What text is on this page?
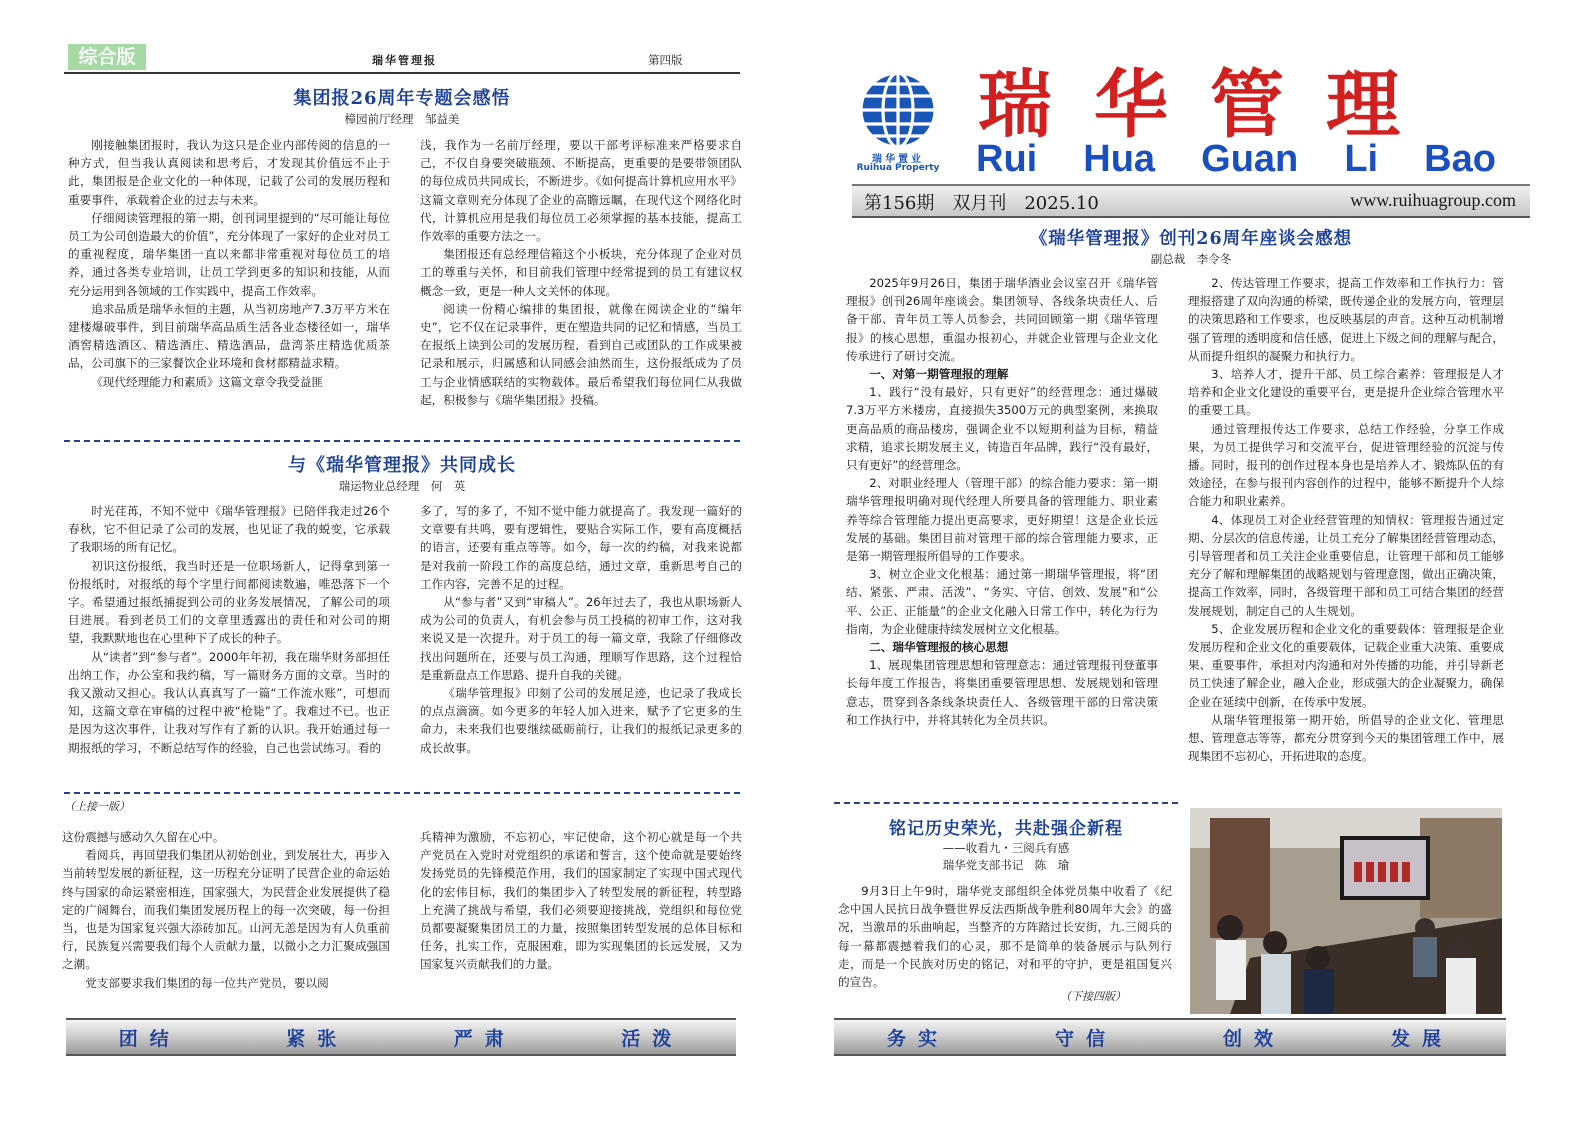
综合版	瑞华管理报	第四版
集团报26周年专题会感悟
樟园前厅经理　邹益美

刚接触集团报时，我认为这只是企业内部传阅的信息的一种方式，但当我认真阅读和思考后，才发现其价值远不止于此，集团报是企业文化的一种体现，记载了公司的发展历程和重要事件，承载着企业的过去与未来。

仔细阅读管理报的第一期，创刊词里提到的“尽可能让每位员工为公司创造最大的价值”，充分体现了一家好的企业对员工的重视程度，瑞华集团一直以来都非常重视对每位员工的培养，通过各类专业培训，让员工学到更多的知识和技能，从而充分运用到各领域的工作实践中，提高工作效率。

追求品质是瑞华永恒的主题，从当初房地产7.3万平方米在建楼爆破事件，到目前瑞华高品质生活各业态楼径如一，瑞华酒窖精选酒区、精选酒庄、精选酒品，盘湾茶庄精选优质茶品，公司旗下的三家餐饮企业环境和食材都精益求精。

《现代经理能力和素质》这篇文章令我受益匪

浅，我作为一名前厅经理，要以干部考评标准来严格要求自己，不仅自身要突破瓶颈、不断提高，更重要的是要带领团队的每位成员共同成长，不断进步。《如何提高计算机应用水平》这篇文章则充分体现了企业的高瞻远瞩，在现代这个网络化时代，计算机应用是我们每位员工必须掌握的基本技能，提高工作效率的重要方法之一。

集团报还有总经理信箱这个小板块，充分体现了企业对员工的尊重与关怀，和目前我们管理中经常提到的员工有建议权概念一致，更是一种人文关怀的体现。

阅读一份精心编排的集团报，就像在阅读企业的“编年史”，它不仅在记录事件，更在塑造共同的记忆和情感，当员工在报纸上读到公司的发展历程，看到自己或团队的工作成果被记录和展示，归属感和认同感会油然而生，这份报纸成为了员工与企业情感联结的实物载体。最后希望我们每位同仁从我做起，积极参与《瑞华集团报》投稿。

与《瑞华管理报》共同成长
瑞运物业总经理　何　英

时光荏苒，不知不觉中《瑞华管理报》已陪伴我走过26个春秋，它不但记录了公司的发展，也见证了我的蜕变，它承载了我职场的所有记忆。

初识这份报纸，我当时还是一位职场新人，记得拿到第一份报纸时，对报纸的每个字里行间都阅读数遍，唯恐落下一个字。希望通过报纸捕捉到公司的业务发展情况，了解公司的项目进展。看到老员工们的文章里透露出的责任和对公司的期望，我默默地也在心里种下了成长的种子。

从“读者”到“参与者”。2000年年初，我在瑞华财务部担任出纳工作，办公室和我约稿，写一篇财务方面的文章。当时的我又激动又担心。我认认真真写了一篇“工作流水账”，可想而知，这篇文章在审稿的过程中被“枪毙”了。我难过不已。也正是因为这次事件，让我对写作有了新的认识。我开始通过每一期报纸的学习，不断总结写作的经验，自己也尝试练习。看的

多了，写的多了，不知不觉中能力就提高了。我发现一篇好的文章要有共鸣，要有逻辑性，要贴合实际工作，要有高度概括的语言，还要有重点等等。如今，每一次的约稿，对我来说都是对我前一阶段工作的高度总结，通过文章，重新思考自己的工作内容，完善不足的过程。

从“参与者”又到“审稿人”。26年过去了，我也从职场新人成为公司的负责人，有机会参与员工投稿的初审工作，这对我来说又是一次提升。对于员工的每一篇文章，我除了仔细修改找出问题所在，还要与员工沟通，理顺写作思路，这个过程恰是重新盘点工作思路、提升自我的关键。

《瑞华管理报》印刻了公司的发展足迹，也记录了我成长的点点滴滴。如今更多的年轻人加入进来，赋予了它更多的生命力，未来我们也要继续砥砺前行，让我们的报纸记录更多的成长故事。

（上接一版）

这份震撼与感动久久留在心中。

看阅兵，再回望我们集团从初始创业，到发展壮大，再步入当前转型发展的新征程，这一历程充分证明了民营企业的命运始终与国家的命运紧密相连，国家强大，为民营企业发展提供了稳定的广阔舞台，而我们集团发展历程上的每一次突破，每一份担当，也是为国家复兴强大添砖加瓦。山河无恙是因为有人负重前行，民族复兴需要我们每个人贡献力量，以微小之力汇聚成强国之潮。

党支部要求我们集团的每一位共产党员，要以阅

兵精神为激励，不忘初心，牢记使命，这个初心就是每一个共产党员在入党时对党组织的承诺和誓言，这个使命就是要始终发扬党员的先锋模范作用，我们的国家制定了实现中国式现代化的宏伟目标，我们的集团步入了转型发展的新征程，转型路上充满了挑战与希望，我们必须要迎接挑战，党组织和每位党员都要凝聚集团员工的力量，按照集团转型发展的总体目标和任务，扎实工作，克服困难，即为实现集团的长远发展，又为国家复兴贡献我们的力量。

团结	紧张	严肃	活泼
瑞华置业
Ruihua Property
瑞华管理
Rui Hua Guan Li Bao
第156期　双月刊　2025.10	www.ruihuagroup.com
《瑞华管理报》创刊26周年座谈会感想
副总裁　李令冬

2025年9月26日，集团于瑞华酒业会议室召开《瑞华管理报》创刊26周年座谈会。集团领导、各线条块责任人、后备干部、青年员工等人员参会，共同回顾第一期《瑞华管理报》的核心思想，重温办报初心，并就企业管理与企业文化传承进行了研讨交流。

一、对第一期管理报的理解

1、践行“没有最好，只有更好”的经营理念：通过爆破7.3万平方米楼房，直接损失3500万元的典型案例，来换取更高品质的商品楼房，强调企业不以短期利益为目标，精益求精，追求长期发展主义，铸造百年品牌，践行“没有最好，只有更好”的经营理念。

2、对职业经理人（管理干部）的综合能力要求：第一期瑞华管理报明确对现代经理人所要具备的管理能力、职业素养等综合管理能力提出更高要求，更好期望！这是企业长远发展的基础。集团目前对管理干部的综合管理能力要求，正是第一期管理报所倡导的工作要求。

3、树立企业文化根基：通过第一期瑞华管理报，将“团结、紧张、严肃、活泼”、“务实、守信、创效、发展”和“公平、公正、正能量”的企业文化融入日常工作中，转化为行为指南，为企业健康持续发展树立文化根基。

二、瑞华管理报的核心思想

1、展现集团管理思想和管理意志：通过管理报刊登董事长每年度工作报告，将集团重要管理思想、发展规划和管理意志，贯穿到各条线条块责任人、各级管理干部的日常决策和工作执行中，并将其转化为全员共识。

2、传达管理工作要求，提高工作效率和工作执行力：管理报搭建了双向沟通的桥梁，既传递企业的发展方向，管理层的决策思路和工作要求，也反映基层的声音。这种互动机制增强了管理的透明度和信任感，促进上下级之间的理解与配合，从而提升组织的凝聚力和执行力。

3、培养人才，提升干部、员工综合素养：管理报是人才培养和企业文化建设的重要平台，更是提升企业综合管理水平的重要工具。

通过管理报传达工作要求，总结工作经验，分享工作成果，为员工提供学习和交流平台，促进管理经验的沉淀与传播。同时，报刊的创作过程本身也是培养人才、锻炼队伍的有效途径，在参与报刊内容创作的过程中，能够不断提升个人综合能力和职业素养。

4、体现员工对企业经营管理的知情权：管理报告通过定期、分层次的信息传递，让员工充分了解集团经营管理动态，引导管理者和员工关注企业重要信息，让管理干部和员工能够充分了解和理解集团的战略规划与管理意图，做出正确决策，提高工作效率，同时，各级管理干部和员工可结合集团的经营发展规划，制定自己的人生规划。

5、企业发展历程和企业文化的重要载体：管理报是企业发展历程和企业文化的重要载体，记载企业重大决策、重要成果、重要事件，承担对内沟通和对外传播的功能，并引导新老员工快速了解企业，融入企业，形成强大的企业凝聚力，确保企业在延续中创新，在传承中发展。

从瑞华管理报第一期开始，所倡导的企业文化、管理思想、管理意志等等，都充分贯穿到今天的集团管理工作中，展现集团不忘初心，开拓进取的态度。

铭记历史荣光，共赴强企新程
——收看九・三阅兵有感
瑞华党支部书记　陈　瑜

9月3日上午9时，瑞华党支部组织全体党员集中收看了《纪念中国人民抗日战争暨世界反法西斯战争胜利80周年大会》的盛况，当激昂的乐曲响起，当整齐的方阵踏过长安街，九.三阅兵的每一幕都震撼着我们的心灵，那不是简单的装备展示与队列行走，而是一个民族对历史的铭记，对和平的守护，更是祖国复兴的宣告。

（下接四版）
务实	守信	创效	发展
